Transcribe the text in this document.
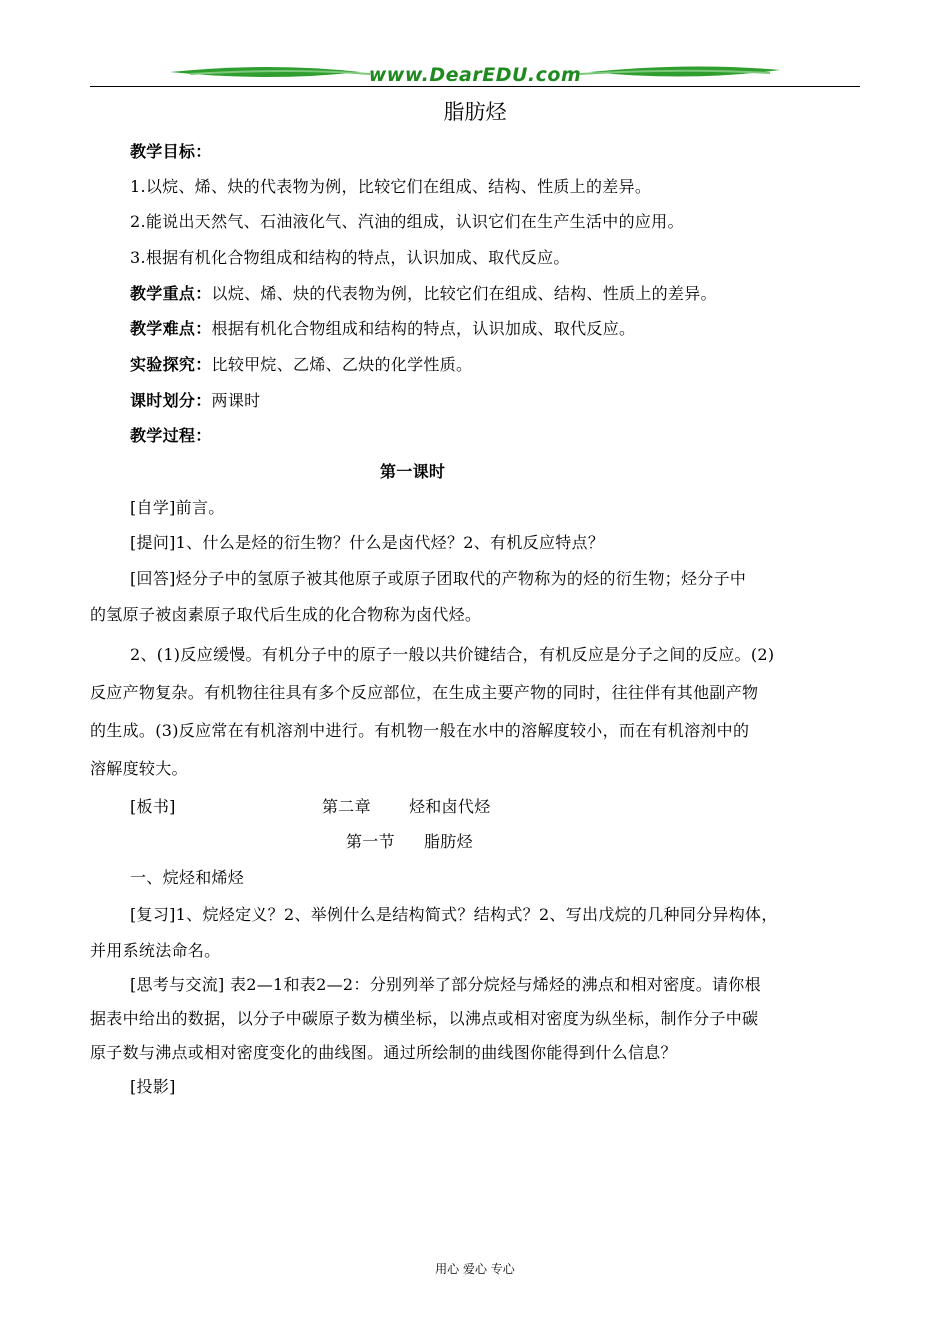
www.DearEDU.com
脂肪烃
教学目标：
1.以烷、烯、炔的代表物为例，比较它们在组成、结构、性质上的差异。
2.能说出天然气、石油液化气、汽油的组成，认识它们在生产生活中的应用。
3.根据有机化合物组成和结构的特点，认识加成、取代反应。
教学重点：以烷、烯、炔的代表物为例，比较它们在组成、结构、性质上的差异。
教学难点：根据有机化合物组成和结构的特点，认识加成、取代反应。
实验探究：比较甲烷、乙烯、乙炔的化学性质。
课时划分：两课时
教学过程：
第一课时
[自学]前言。
[提问]1、什么是烃的衍生物？什么是卤代烃？2、有机反应特点？
[回答]烃分子中的氢原子被其他原子或原子团取代的产物称为的烃的衍生物；烃分子中
的氢原子被卤素原子取代后生成的化合物称为卤代烃。
2、(1)反应缓慢。有机分子中的原子一般以共价键结合，有机反应是分子之间的反应。(2)
反应产物复杂。有机物往往具有多个反应部位，在生成主要产物的同时，往往伴有其他副产物
的生成。(3)反应常在有机溶剂中进行。有机物一般在水中的溶解度较小，而在有机溶剂中的
溶解度较大。
[板书]	第二章 烃和卤代烃
第一节 脂肪烃
一、烷烃和烯烃
[复习]1、烷烃定义？2、举例什么是结构简式？结构式？2、写出戊烷的几种同分异构体，
并用系统法命名。
[思考与交流] 表2—1和表2—2：分别列举了部分烷烃与烯烃的沸点和相对密度。请你根
据表中给出的数据，以分子中碳原子数为横坐标，以沸点或相对密度为纵坐标，制作分子中碳
原子数与沸点或相对密度变化的曲线图。通过所绘制的曲线图你能得到什么信息？
[投影]
用心 爱心 专心
